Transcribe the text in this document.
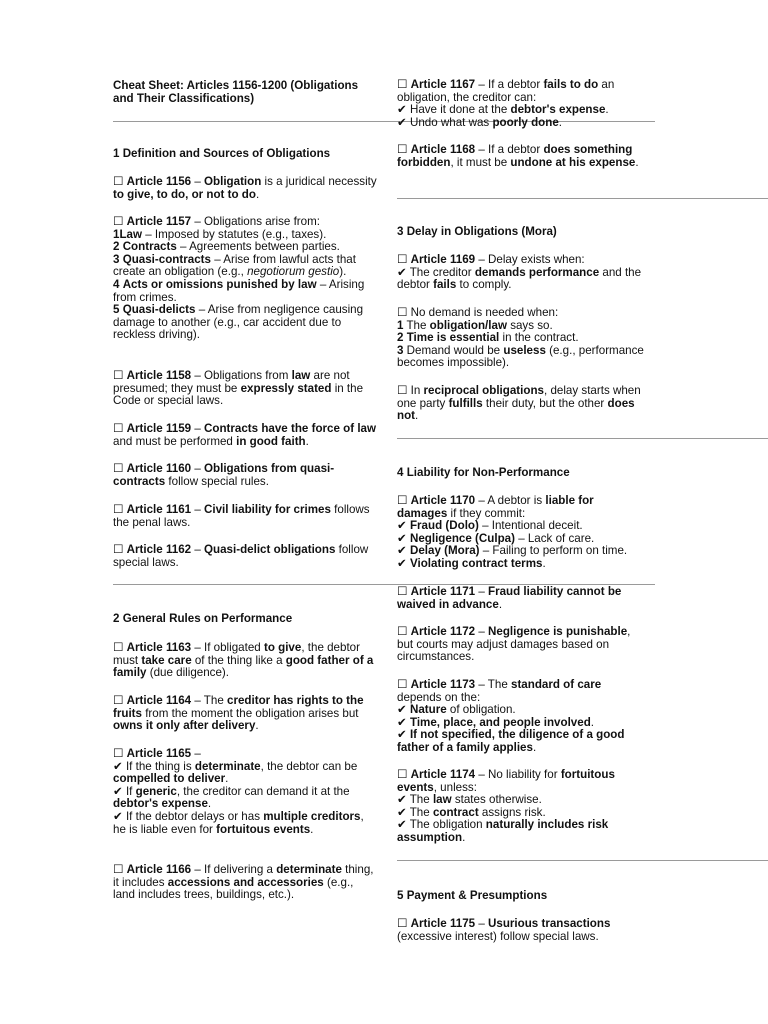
Cheat Sheet: Articles 1156-1200 (Obligations and Their Classifications)
1 Definition and Sources of Obligations
☐ Article 1156 – Obligation is a juridical necessity to give, to do, or not to do.

☐ Article 1157 – Obligations arise from:

1Law – Imposed by statutes (e.g., taxes).

2 Contracts – Agreements between parties.

3 Quasi-contracts – Arise from lawful acts that create an obligation (e.g., negotiorum gestio).

4 Acts or omissions punished by law – Arising from crimes.

5 Quasi-delicts – Arise from negligence causing damage to another (e.g., car accident due to reckless driving).

☐ Article 1158 – Obligations from law are not presumed; they must be expressly stated in the Code or special laws.
☐ Article 1159 – Contracts have the force of law and must be performed in good faith.
☐ Article 1160 – Obligations from quasi-contracts follow special rules.
☐ Article 1161 – Civil liability for crimes follows the penal laws.
☐ Article 1162 – Quasi-delict obligations follow special laws.
2 General Rules on Performance
☐ Article 1163 – If obligated to give, the debtor must take care of the thing like a good father of a family (due diligence).
☐ Article 1164 – The creditor has rights to the fruits from the moment the obligation arises but owns it only after delivery.

☐ Article 1165 –

✔ If the thing is determinate, the debtor can be compelled to deliver.

✔ If generic, the creditor can demand it at the debtor's expense.

✔ If the debtor delays or has multiple creditors, he is liable even for fortuitous events.

☐ Article 1166 – If delivering a determinate thing, it includes accessions and accessories (e.g., land includes trees, buildings, etc.).

☐ Article 1167 – If a debtor fails to do an obligation, the creditor can:

✔ Have it done at the debtor's expense.

✔ Undo what was poorly done.

☐ Article 1168 – If a debtor does something forbidden, it must be undone at his expense.
3 Delay in Obligations (Mora)

☐ Article 1169 – Delay exists when:

✔ The creditor demands performance and the debtor fails to comply.

☐ No demand is needed when:

1 The obligation/law says so.

2 Time is essential in the contract.

3 Demand would be useless (e.g., performance becomes impossible).

☐ In reciprocal obligations, delay starts when one party fulfills their duty, but the other does not.
4 Liability for Non-Performance

☐ Article 1170 – A debtor is liable for damages if they commit:

✔ Fraud (Dolo) – Intentional deceit.

✔ Negligence (Culpa) – Lack of care.

✔ Delay (Mora) – Failing to perform on time.

✔ Violating contract terms.

☐ Article 1171 – Fraud liability cannot be waived in advance.
☐ Article 1172 – Negligence is punishable, but courts may adjust damages based on circumstances.

☐ Article 1173 – The standard of care depends on the:

✔ Nature of obligation.

✔ Time, place, and people involved.

✔ If not specified, the diligence of a good father of a family applies.

☐ Article 1174 – No liability for fortuitous events, unless:

✔ The law states otherwise.

✔ The contract assigns risk.

✔ The obligation naturally includes risk assumption.

5 Payment & Presumptions
☐ Article 1175 – Usurious transactions (excessive interest) follow special laws.
